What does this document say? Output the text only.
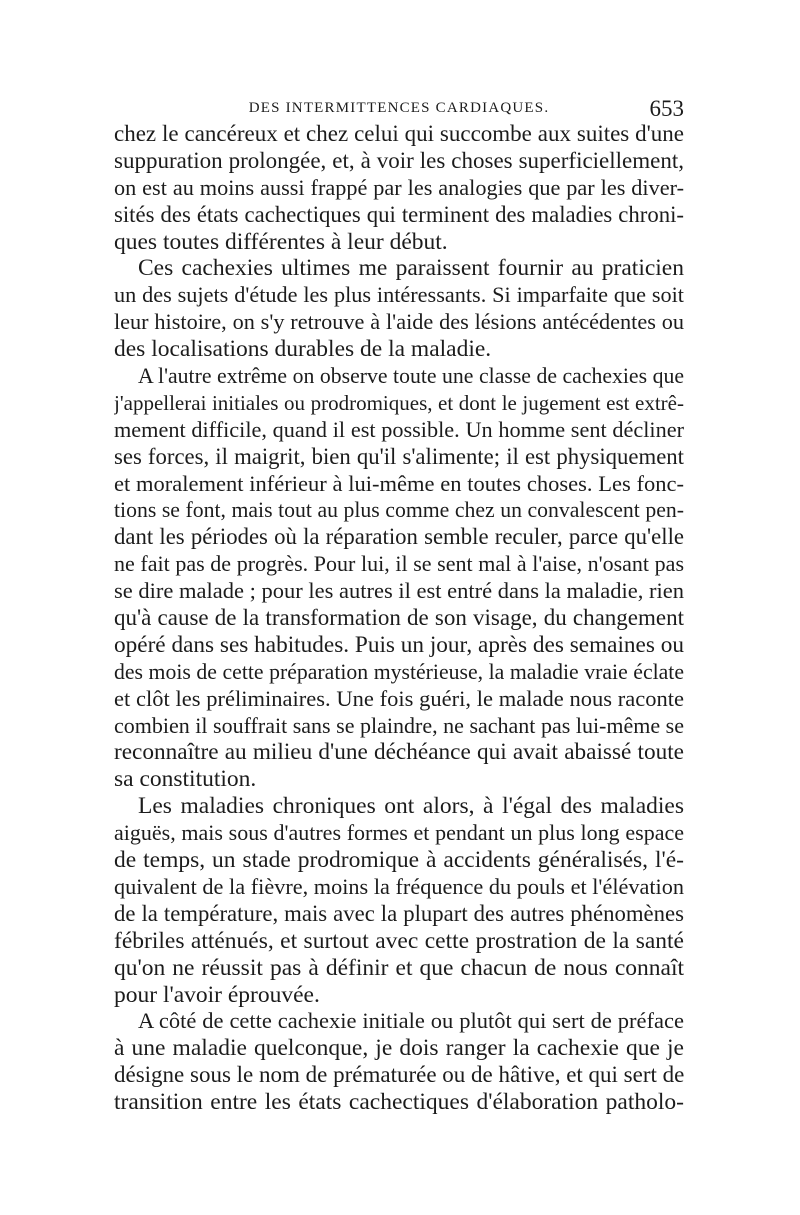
DES INTERMITTENCES CARDIAQUES.	653
chez le cancéreux et chez celui qui succombe aux suites d'une
suppuration prolongée, et, à voir les choses superficiellement,
on est au moins aussi frappé par les analogies que par les diver-
sités des états cachectiques qui terminent des maladies chroni-
ques toutes différentes à leur début.
Ces cachexies ultimes me paraissent fournir au praticien
un des sujets d'étude les plus intéressants. Si imparfaite que soit
leur histoire, on s'y retrouve à l'aide des lésions antécédentes ou
des localisations durables de la maladie.
A l'autre extrême on observe toute une classe de cachexies que
j'appellerai initiales ou prodromiques, et dont le jugement est extrê-
mement difficile, quand il est possible. Un homme sent décliner
ses forces, il maigrit, bien qu'il s'alimente; il est physiquement
et moralement inférieur à lui-même en toutes choses. Les fonc-
tions se font, mais tout au plus comme chez un convalescent pen-
dant les périodes où la réparation semble reculer, parce qu'elle
ne fait pas de progrès. Pour lui, il se sent mal à l'aise, n'osant pas
se dire malade ; pour les autres il est entré dans la maladie, rien
qu'à cause de la transformation de son visage, du changement
opéré dans ses habitudes. Puis un jour, après des semaines ou
des mois de cette préparation mystérieuse, la maladie vraie éclate
et clôt les préliminaires. Une fois guéri, le malade nous raconte
combien il souffrait sans se plaindre, ne sachant pas lui-même se
reconnaître au milieu d'une déchéance qui avait abaissé toute
sa constitution.
Les maladies chroniques ont alors, à l'égal des maladies
aiguës, mais sous d'autres formes et pendant un plus long espace
de temps, un stade prodromique à accidents généralisés, l'é-
quivalent de la fièvre, moins la fréquence du pouls et l'élévation
de la température, mais avec la plupart des autres phénomènes
fébriles atténués, et surtout avec cette prostration de la santé
qu'on ne réussit pas à définir et que chacun de nous connaît
pour l'avoir éprouvée.
A côté de cette cachexie initiale ou plutôt qui sert de préface
à une maladie quelconque, je dois ranger la cachexie que je
désigne sous le nom de prématurée ou de hâtive, et qui sert de
transition entre les états cachectiques d'élaboration patholo-
